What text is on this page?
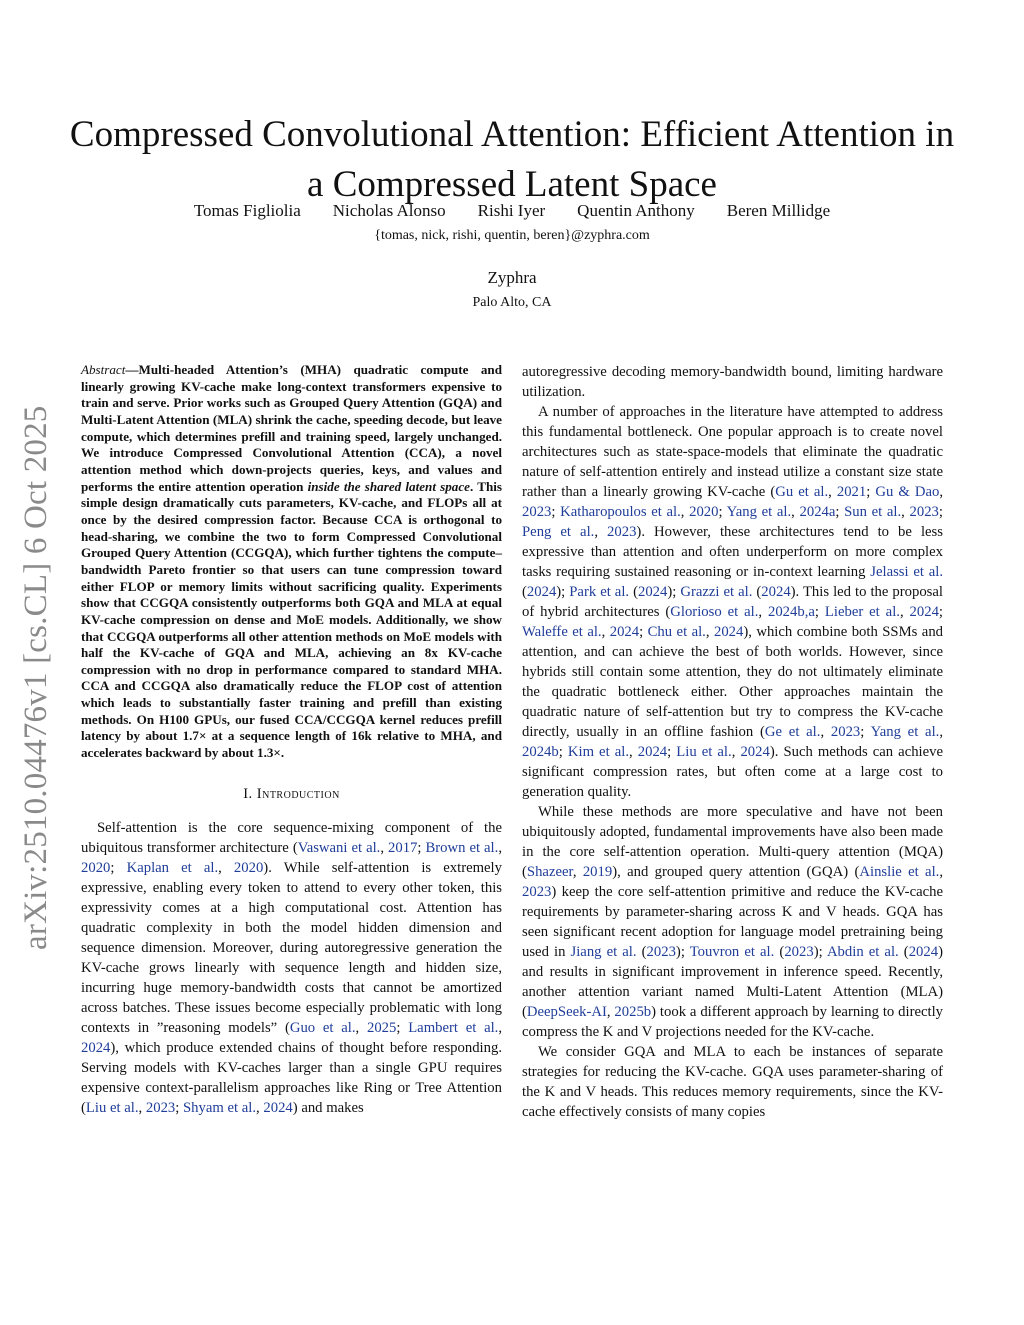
arXiv:2510.04476v1 [cs.CL] 6 Oct 2025
Compressed Convolutional Attention: Efficient Attention in a Compressed Latent Space
Tomas Figliolia Nicholas Alonso Rishi Iyer Quentin Anthony Beren Millidge
{tomas, nick, rishi, quentin, beren}@zyphra.com
Zyphra
Palo Alto, CA

Abstract—Multi-headed Attention’s (MHA) quadratic compute and linearly growing KV-cache make long-context transformers expensive to train and serve. Prior works such as Grouped Query Attention (GQA) and Multi-Latent Attention (MLA) shrink the cache, speeding decode, but leave compute, which determines prefill and training speed, largely unchanged. We introduce Compressed Convolutional Attention (CCA), a novel attention method which down-projects queries, keys, and values and performs the entire attention operation inside the shared latent space. This simple design dramatically cuts parameters, KV-cache, and FLOPs all at once by the desired compression factor. Because CCA is orthogonal to head-sharing, we combine the two to form Compressed Convolutional Grouped Query Attention (CCGQA), which further tightens the compute–bandwidth Pareto frontier so that users can tune compression toward either FLOP or memory limits without sacrificing quality. Experiments show that CCGQA consistently outperforms both GQA and MLA at equal KV-cache compression on dense and MoE models. Additionally, we show that CCGQA outperforms all other attention methods on MoE models with half the KV-cache of GQA and MLA, achieving an 8x KV-cache compression with no drop in performance compared to standard MHA. CCA and CCGQA also dramatically reduce the FLOP cost of attention which leads to substantially faster training and prefill than existing methods. On H100 GPUs, our fused CCA/CCGQA kernel reduces prefill latency by about 1.7× at a sequence length of 16k relative to MHA, and accelerates backward by about 1.3×.

I. Introduction

Self-attention is the core sequence-mixing component of the ubiquitous transformer architecture (Vaswani et al., 2017; Brown et al., 2020; Kaplan et al., 2020). While self-attention is extremely expressive, enabling every token to attend to every other token, this expressivity comes at a high computational cost. Attention has quadratic complexity in both the model hidden dimension and sequence dimension. Moreover, during autoregressive generation the KV-cache grows linearly with sequence length and hidden size, incurring huge memory-bandwidth costs that cannot be amortized across batches. These issues become especially problematic with long contexts in ”reasoning models” (Guo et al., 2025; Lambert et al., 2024), which produce extended chains of thought before responding. Serving models with KV-caches larger than a single GPU requires expensive context-parallelism approaches like Ring or Tree Attention (Liu et al., 2023; Shyam et al., 2024) and makes

autoregressive decoding memory-bandwidth bound, limiting hardware utilization.

A number of approaches in the literature have attempted to address this fundamental bottleneck. One popular approach is to create novel architectures such as state-space-models that eliminate the quadratic nature of self-attention entirely and instead utilize a constant size state rather than a linearly growing KV-cache (Gu et al., 2021; Gu & Dao, 2023; Katharopoulos et al., 2020; Yang et al., 2024a; Sun et al., 2023; Peng et al., 2023). However, these architectures tend to be less expressive than attention and often underperform on more complex tasks requiring sustained reasoning or in-context learning Jelassi et al. (2024); Park et al. (2024); Grazzi et al. (2024). This led to the proposal of hybrid architectures (Glorioso et al., 2024b,a; Lieber et al., 2024; Waleffe et al., 2024; Chu et al., 2024), which combine both SSMs and attention, and can achieve the best of both worlds. However, since hybrids still contain some attention, they do not ultimately eliminate the quadratic bottleneck either. Other approaches maintain the quadratic nature of self-attention but try to compress the KV-cache directly, usually in an offline fashion (Ge et al., 2023; Yang et al., 2024b; Kim et al., 2024; Liu et al., 2024). Such methods can achieve significant compression rates, but often come at a large cost to generation quality.

While these methods are more speculative and have not been ubiquitously adopted, fundamental improvements have also been made in the core self-attention operation. Multi-query attention (MQA) (Shazeer, 2019), and grouped query attention (GQA) (Ainslie et al., 2023) keep the core self-attention primitive and reduce the KV-cache requirements by parameter-sharing across K and V heads. GQA has seen significant recent adoption for language model pretraining being used in Jiang et al. (2023); Touvron et al. (2023); Abdin et al. (2024) and results in significant improvement in inference speed. Recently, another attention variant named Multi-Latent Attention (MLA) (DeepSeek-AI, 2025b) took a different approach by learning to directly compress the K and V projections needed for the KV-cache.

We consider GQA and MLA to each be instances of separate strategies for reducing the KV-cache. GQA uses parameter-sharing of the K and V heads. This reduces memory requirements, since the KV-cache effectively consists of many copies
